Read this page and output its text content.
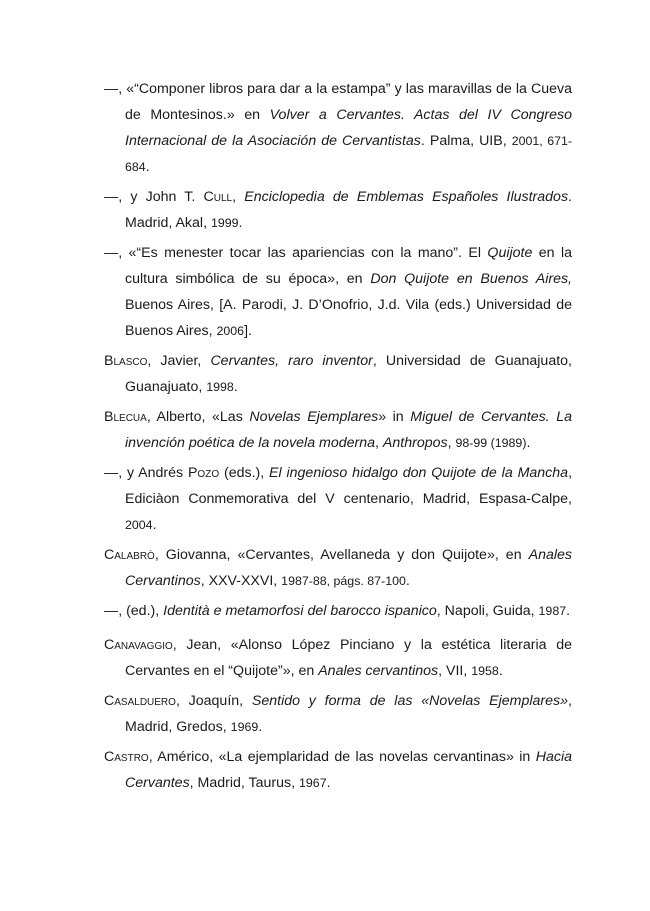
—, «“Componer libros para dar a la estampa” y las maravillas de la Cueva de Montesinos.» en Volver a Cervantes. Actas del IV Congreso Internacional de la Asociación de Cervantistas. Palma, UIB, 2001, 671-684.

—, y John T. Cull, Enciclopedia de Emblemas Españoles Ilustrados. Madrid, Akal, 1999.

—, «“Es menester tocar las apariencias con la mano”. El Quijote en la cultura simbólica de su época», en Don Quijote en Buenos Aires, Buenos Aires, [A. Parodi, J. D’Onofrio, J.d. Vila (eds.) Universidad de Buenos Aires, 2006].

Blasco, Javier, Cervantes, raro inventor, Universidad de Guanajuato, Guanajuato, 1998.

Blecua, Alberto, «Las Novelas Ejemplares» in Miguel de Cervantes. La invención poética de la novela moderna, Anthropos, 98-99 (1989).

—, y Andrés Pozo (eds.), El ingenioso hidalgo don Quijote de la Mancha, Ediciàon Conmemorativa del V centenario, Madrid, Espasa-Calpe, 2004.

Calabrò, Giovanna, «Cervantes, Avellaneda y don Quijote», en Anales Cervantinos, XXV-XXVI, 1987-88, págs. 87-100.

—, (ed.), Identità e metamorfosi del barocco ispanico, Napoli, Guida, 1987.

Canavaggio, Jean, «Alonso López Pinciano y la estética literaria de Cervantes en el “Quijote”», en Anales cervantinos, VII, 1958.

Casalduero, Joaquín, Sentido y forma de las «Novelas Ejemplares», Madrid, Gredos, 1969.

Castro, Américo, «La ejemplaridad de las novelas cervantinas» in Hacia Cervantes, Madrid, Taurus, 1967.
